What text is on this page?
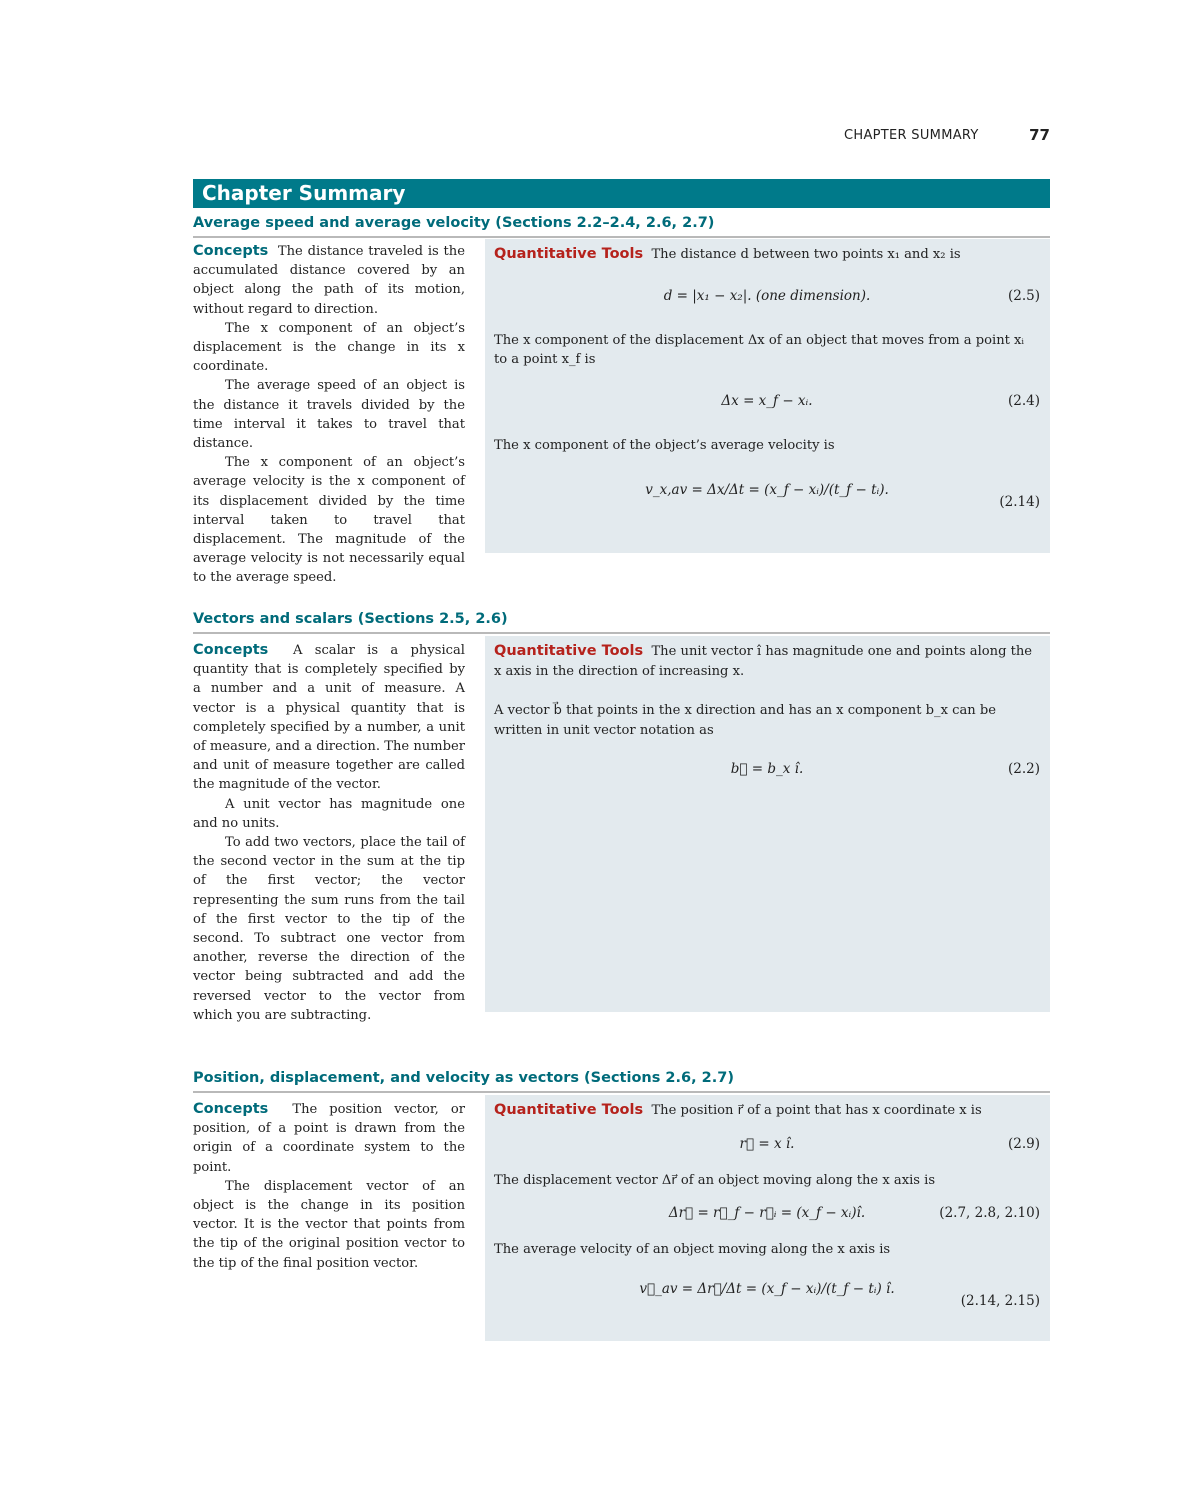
CHAPTER SUMMARY	77
Chapter Summary
Average speed and average velocity (Sections 2.2–2.4, 2.6, 2.7)

Concepts The distance traveled is the accumulated distance covered by an object along the path of its motion, without regard to direction.

The x component of an object’s displacement is the change in its x coordinate.

The average speed of an object is the distance it travels divided by the time interval it takes to travel that distance.

The x component of an object’s average velocity is the x component of its displacement divided by the time interval taken to travel that displacement. The magnitude of the average velocity is not necessarily equal to the average speed.

Quantitative Tools The distance d between two points x₁ and x₂ is

d = |x₁ − x₂|. (one dimension).	(2.5)

The x component of the displacement Δx of an object that moves from a point xᵢ to a point x_f is

Δx = x_f − xᵢ.	(2.4)

The x component of the object’s average velocity is

v_x,av = Δx/Δt = (x_f − xᵢ)/(t_f − tᵢ).
(2.14)
Vectors and scalars (Sections 2.5, 2.6)

Concepts A scalar is a physical quantity that is completely specified by a number and a unit of measure. A vector is a physical quantity that is completely specified by a number, a unit of measure, and a direction. The number and unit of measure together are called the magnitude of the vector.

A unit vector has magnitude one and no units.

To add two vectors, place the tail of the second vector in the sum at the tip of the first vector; the vector representing the sum runs from the tail of the first vector to the tip of the second. To subtract one vector from another, reverse the direction of the vector being subtracted and add the reversed vector to the vector from which you are subtracting.

Quantitative Tools The unit vector î has magnitude one and points along the x axis in the direction of increasing x.

A vector b⃗ that points in the x direction and has an x component b_x can be written in unit vector notation as

b⃗ = b_x î.	(2.2)
Position, displacement, and velocity as vectors (Sections 2.6, 2.7)

Concepts The position vector, or position, of a point is drawn from the origin of a coordinate system to the point.

The displacement vector of an object is the change in its position vector. It is the vector that points from the tip of the original position vector to the tip of the final position vector.

Quantitative Tools The position r⃗ of a point that has x coordinate x is

r⃗ = x î.	(2.9)

The displacement vector Δr⃗ of an object moving along the x axis is

Δr⃗ = r⃗_f − r⃗ᵢ = (x_f − xᵢ)î.	(2.7, 2.8, 2.10)

The average velocity of an object moving along the x axis is

v⃗_av = Δr⃗/Δt = (x_f − xᵢ)/(t_f − tᵢ) î.
(2.14, 2.15)
